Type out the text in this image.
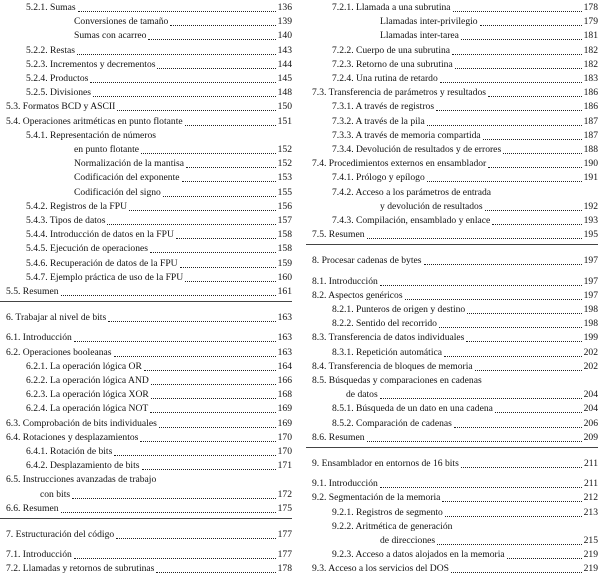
5.2.1. Sumas	136
Conversiones de tamaño	139
Sumas con acarreo	140
5.2.2. Restas	143
5.2.3. Incrementos y decrementos	144
5.2.4. Productos	145
5.2.5. Divisiones	148
5.3. Formatos BCD y ASCII	150
5.4. Operaciones aritméticas en punto flotante	151
5.4.1. Representación de números
en punto flotante	152
Normalización de la mantisa	152
Codificación del exponente	153
Codificación del signo	155
5.4.2. Registros de la FPU	156
5.4.3. Tipos de datos	157
5.4.4. Introducción de datos en la FPU	158
5.4.5. Ejecución de operaciones	158
5.4.6. Recuperación de datos de la FPU	159
5.4.7. Ejemplo práctica de uso de la FPU	160
5.5. Resumen	161
6. Trabajar al nivel de bits	163
6.1. Introducción	163
6.2. Operaciones booleanas	163
6.2.1. La operación lógica OR	164
6.2.2. La operación lógica AND	166
6.2.3. La operación lógica XOR	168
6.2.4. La operación lógica NOT	169
6.3. Comprobación de bits individuales	169
6.4. Rotaciones y desplazamientos	170
6.4.1. Rotación de bits	170
6.4.2. Desplazamiento de bits	171
6.5. Instrucciones avanzadas de trabajo
con bits	172
6.6. Resumen	175
7. Estructuración del código	177
7.1. Introducción	177
7.2. Llamadas y retornos de subrutinas	178
7.2.1. Llamada a una subrutina	178
Llamadas inter-privilegio	179
Llamadas inter-tarea	181
7.2.2. Cuerpo de una subrutina	182
7.2.3. Retorno de una subrutina	182
7.2.4. Una rutina de retardo	183
7.3. Transferencia de parámetros y resultados	186
7.3.1. A través de registros	186
7.3.2. A través de la pila	187
7.3.3. A través de memoria compartida	187
7.3.4. Devolución de resultados y de errores	188
7.4. Procedimientos externos en ensamblador	190
7.4.1. Prólogo y epílogo	191
7.4.2. Acceso a los parámetros de entrada
y devolución de resultados	192
7.4.3. Compilación, ensamblado y enlace	193
7.5. Resumen	195
8. Procesar cadenas de bytes	197
8.1. Introducción	197
8.2. Aspectos genéricos	197
8.2.1. Punteros de origen y destino	198
8.2.2. Sentido del recorrido	198
8.3. Transferencia de datos individuales	199
8.3.1. Repetición automática	202
8.4. Transferencia de bloques de memoria	202
8.5. Búsquedas y comparaciones en cadenas
de datos	204
8.5.1. Búsqueda de un dato en una cadena	204
8.5.2. Comparación de cadenas	206
8.6. Resumen	209
9. Ensamblador en entornos de 16 bits	211
9.1. Introducción	211
9.2. Segmentación de la memoria	212
9.2.1. Registros de segmento	213
9.2.2. Aritmética de generación
de direcciones	215
9.2.3. Acceso a datos alojados en la memoria	219
9.3. Acceso a los servicios del DOS	219
